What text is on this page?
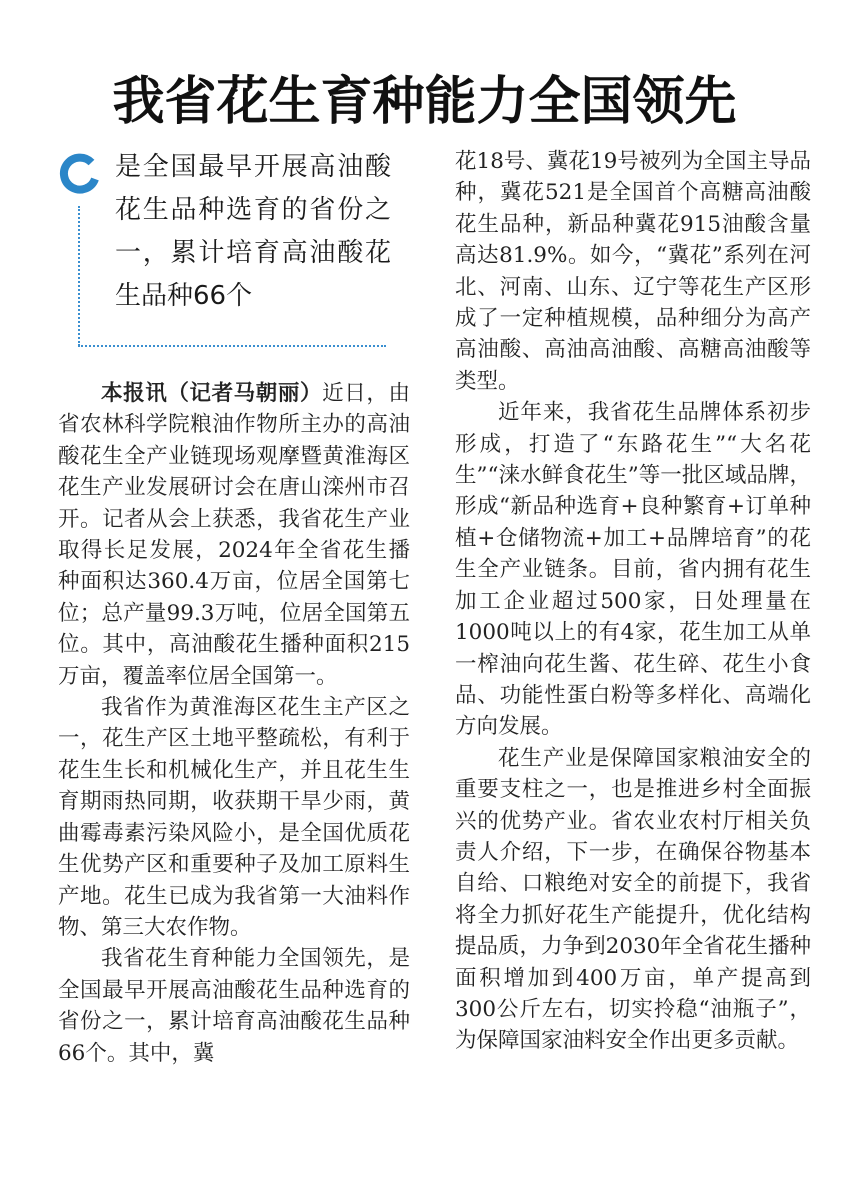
我省花生育种能力全国领先
是全国最早开展高油酸花生品种选育的省份之一，累计培育高油酸花生品种66个

本报讯（记者马朝丽）近日，由省农林科学院粮油作物所主办的高油酸花生全产业链现场观摩暨黄淮海区花生产业发展研讨会在唐山滦州市召开。记者从会上获悉，我省花生产业取得长足发展，2024年全省花生播种面积达360.4万亩，位居全国第七位；总产量99.3万吨，位居全国第五位。其中，高油酸花生播种面积215万亩，覆盖率位居全国第一。

我省作为黄淮海区花生主产区之一，花生产区土地平整疏松，有利于花生生长和机械化生产，并且花生生育期雨热同期，收获期干旱少雨，黄曲霉毒素污染风险小，是全国优质花生优势产区和重要种子及加工原料生产地。花生已成为我省第一大油料作物、第三大农作物。

我省花生育种能力全国领先，是全国最早开展高油酸花生品种选育的省份之一，累计培育高油酸花生品种66个。其中，冀

花18号、冀花19号被列为全国主导品种，冀花521是全国首个高糖高油酸花生品种，新品种冀花915油酸含量高达81.9%。如今，“冀花”系列在河北、河南、山东、辽宁等花生产区形成了一定种植规模，品种细分为高产高油酸、高油高油酸、高糖高油酸等类型。

近年来，我省花生品牌体系初步形成，打造了“东路花生”“大名花生”“涞水鲜食花生”等一批区域品牌，形成“新品种选育+良种繁育+订单种植+仓储物流+加工+品牌培育”的花生全产业链条。目前，省内拥有花生加工企业超过500家，日处理量在1000吨以上的有4家，花生加工从单一榨油向花生酱、花生碎、花生小食品、功能性蛋白粉等多样化、高端化方向发展。

花生产业是保障国家粮油安全的重要支柱之一，也是推进乡村全面振兴的优势产业。省农业农村厅相关负责人介绍，下一步，在确保谷物基本自给、口粮绝对安全的前提下，我省将全力抓好花生产能提升，优化结构提品质，力争到2030年全省花生播种面积增加到400万亩，单产提高到300公斤左右，切实拎稳“油瓶子”，为保障国家油料安全作出更多贡献。
